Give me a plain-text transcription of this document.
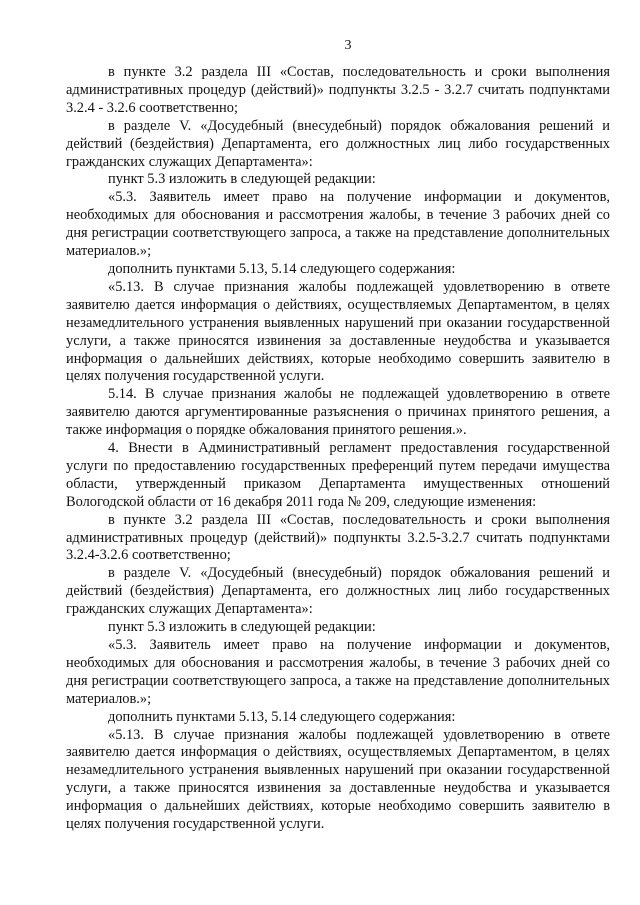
3

в пункте 3.2 раздела III «Состав, последовательность и сроки выполнения административных процедур (действий)» подпункты 3.2.5 - 3.2.7 считать подпунктами 3.2.4 - 3.2.6 соответственно;

в разделе V. «Досудебный (внесудебный) порядок обжалования решений и действий (бездействия) Департамента, его должностных лиц либо государственных гражданских служащих Департамента»:

пункт 5.3 изложить в следующей редакции:

«5.3. Заявитель имеет право на получение информации и документов, необходимых для обоснования и рассмотрения жалобы, в течение 3 рабочих дней со дня регистрации соответствующего запроса, а также на представление дополнительных материалов.»;

дополнить пунктами 5.13, 5.14 следующего содержания:

«5.13. В случае признания жалобы подлежащей удовлетворению в ответе заявителю дается информация о действиях, осуществляемых Департаментом, в целях незамедлительного устранения выявленных нарушений при оказании государственной услуги, а также приносятся извинения за доставленные неудобства и указывается информация о дальнейших действиях, которые необходимо совершить заявителю в целях получения государственной услуги.

5.14. В случае признания жалобы не подлежащей удовлетворению в ответе заявителю даются аргументированные разъяснения о причинах принятого решения, а также информация о порядке обжалования принятого решения.».

4. Внести в Административный регламент предоставления государственной услуги по предоставлению государственных преференций путем передачи имущества области, утвержденный приказом Департамента имущественных отношений Вологодской области от 16 декабря 2011 года № 209, следующие изменения:

в пункте 3.2 раздела III «Состав, последовательность и сроки выполнения административных процедур (действий)» подпункты 3.2.5-3.2.7 считать подпунктами 3.2.4-3.2.6 соответственно;

в разделе V. «Досудебный (внесудебный) порядок обжалования решений и действий (бездействия) Департамента, его должностных лиц либо государственных гражданских служащих Департамента»:

пункт 5.3 изложить в следующей редакции:

«5.3. Заявитель имеет право на получение информации и документов, необходимых для обоснования и рассмотрения жалобы, в течение 3 рабочих дней со дня регистрации соответствующего запроса, а также на представление дополнительных материалов.»;

дополнить пунктами 5.13, 5.14 следующего содержания:

«5.13. В случае признания жалобы подлежащей удовлетворению в ответе заявителю дается информация о действиях, осуществляемых Департаментом, в целях незамедлительного устранения выявленных нарушений при оказании государственной услуги, а также приносятся извинения за доставленные неудобства и указывается информация о дальнейших действиях, которые необходимо совершить заявителю в целях получения государственной услуги.
